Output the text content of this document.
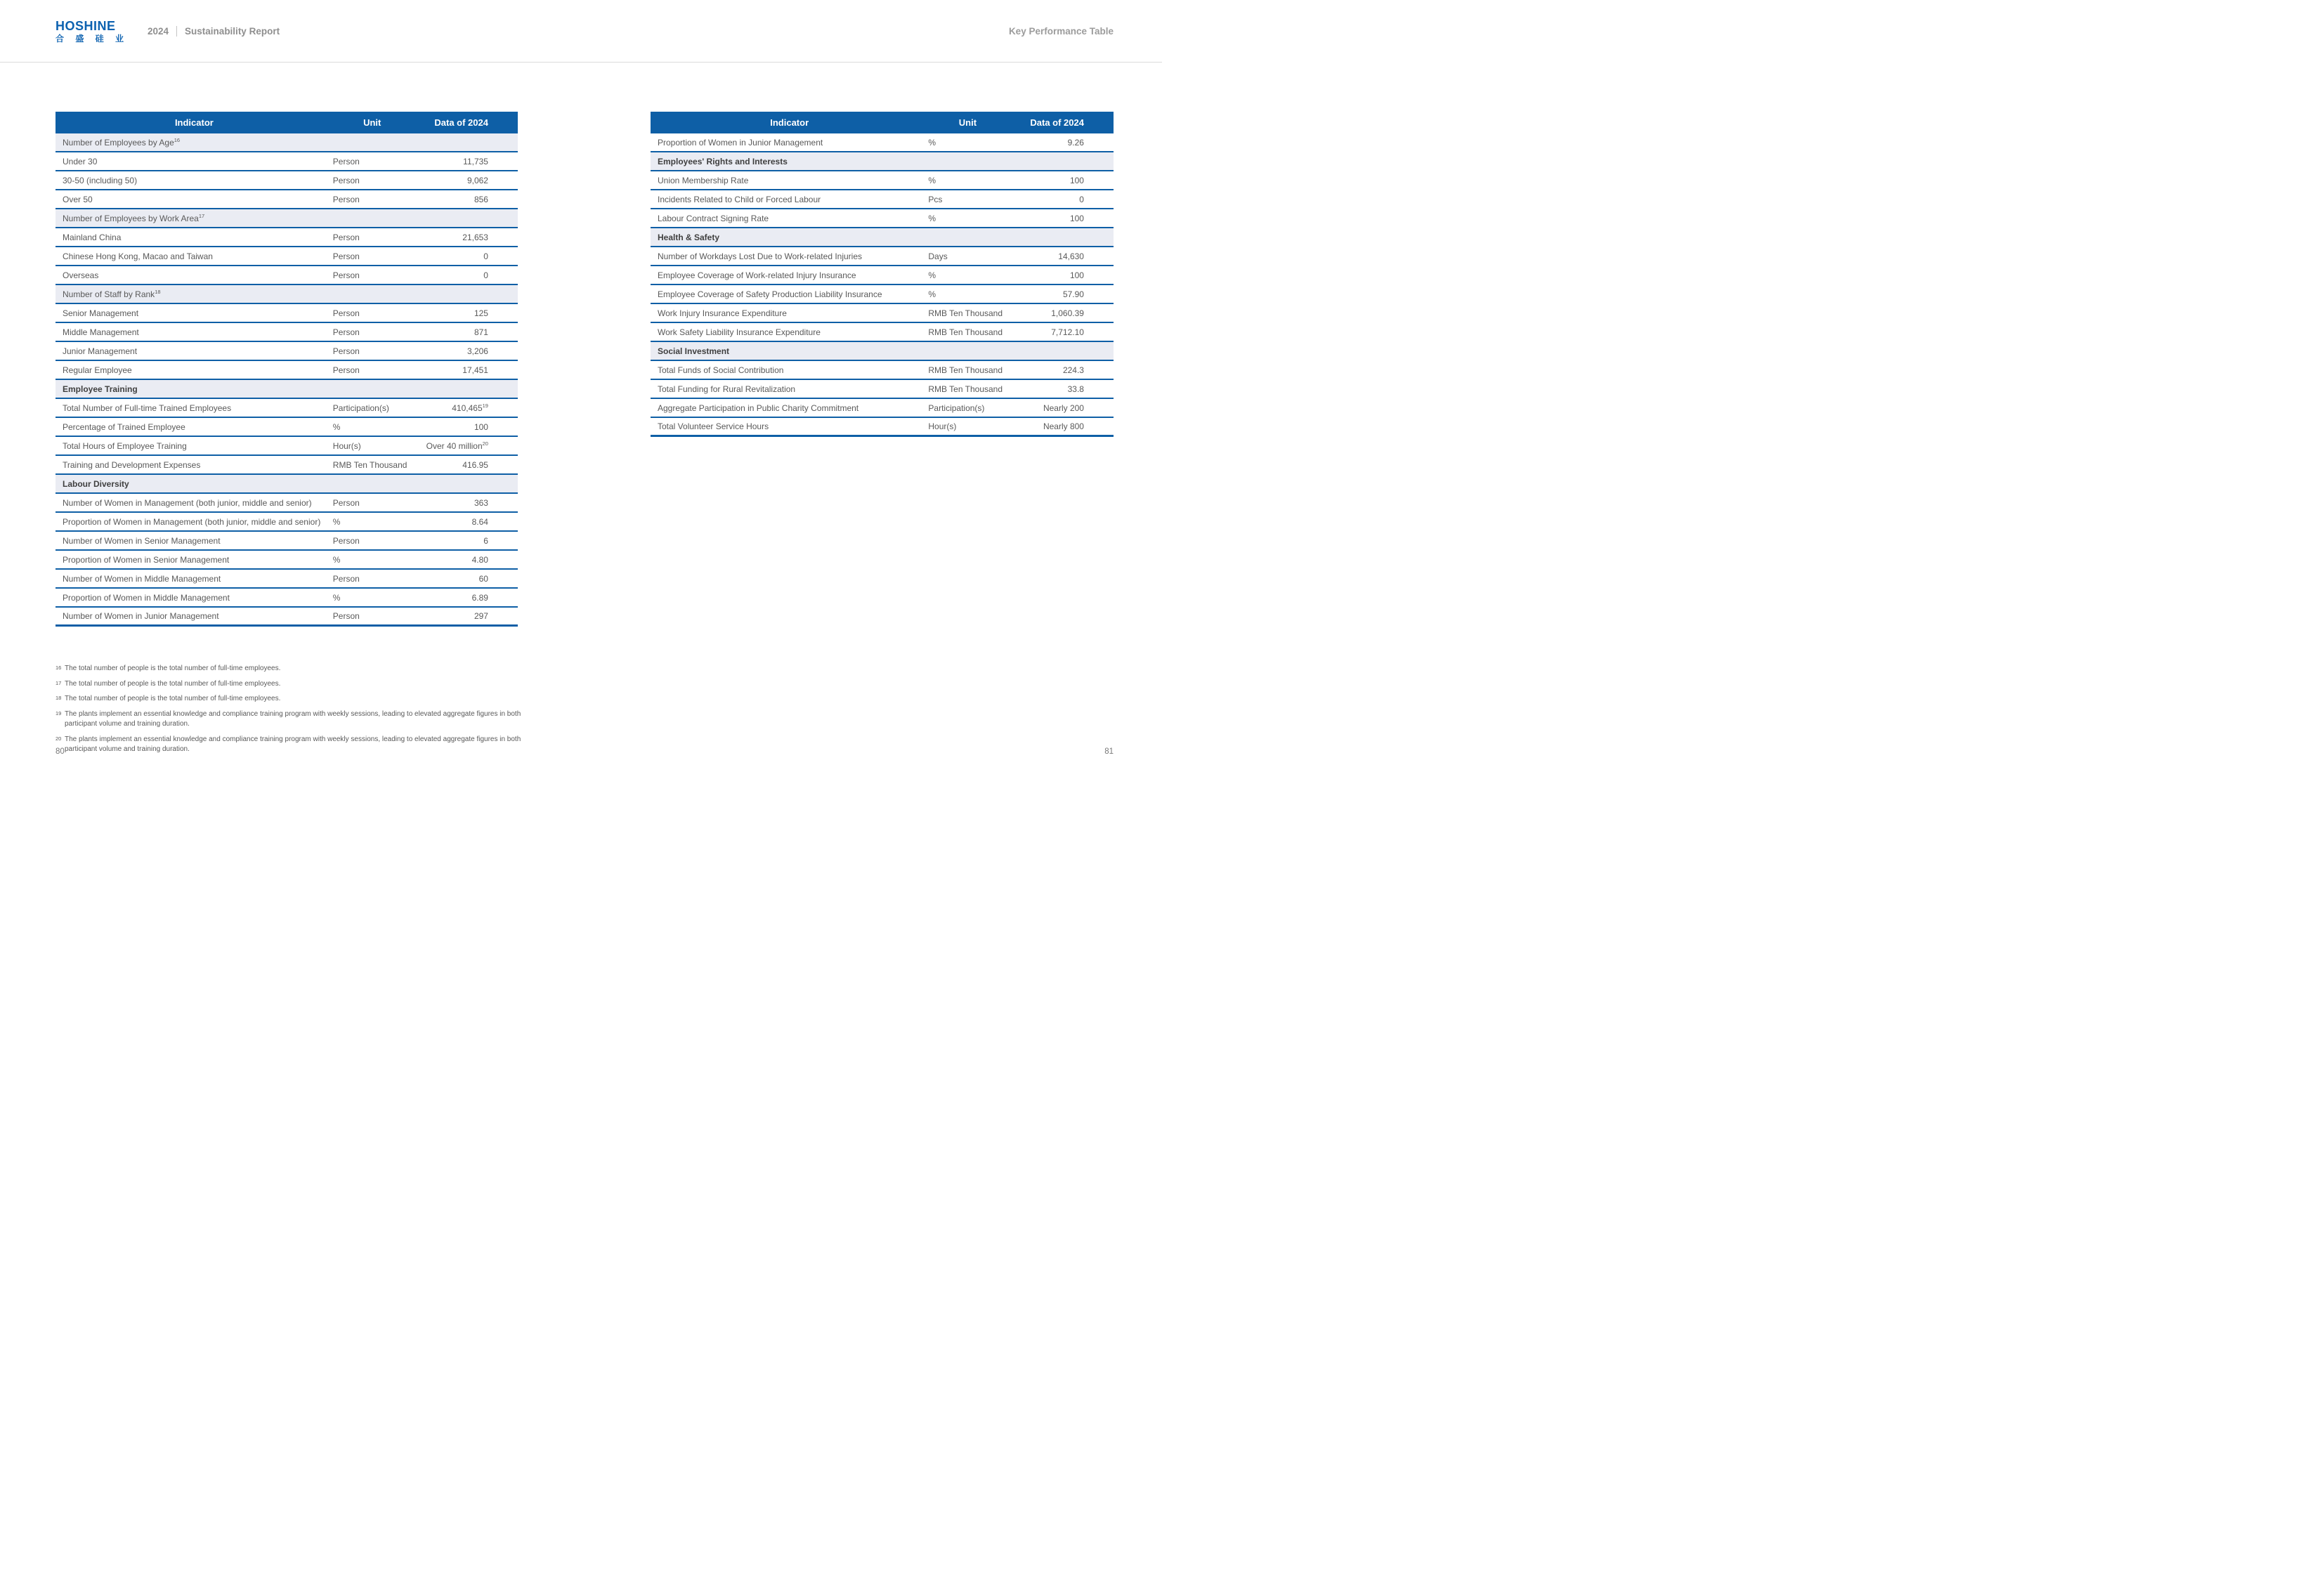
HOSHINE
合盛硅业
2024 Sustainability Report	Key Performance Table
Indicator	Unit	Data of 2024
Number of Employees by Age$^{16}$
Under 30	Person	11,735
30-50 (including 50)	Person	9,062
Over 50	Person	856
Number of Employees by Work Area$^{17}$
Mainland China	Person	21,653
Chinese Hong Kong, Macao and Taiwan	Person	0
Overseas	Person	0
Number of Staff by Rank$^{18}$
Senior Management	Person	125
Middle Management	Person	871
Junior Management	Person	3,206
Regular Employee	Person	17,451
Employee Training
Total Number of Full-time Trained Employees	Participation(s)	410,465$^{19}$
Percentage of Trained Employee	%	100
Total Hours of Employee Training	Hour(s)	Over 40 million$^{20}$
Training and Development Expenses	RMB Ten Thousand	416.95
Labour Diversity
Number of Women in Management (both junior, middle and senior)	Person	363
Proportion of Women in Management (both junior, middle and senior)	%	8.64
Number of Women in Senior Management	Person	6
Proportion of Women in Senior Management	%	4.80
Number of Women in Middle Management	Person	60
Proportion of Women in Middle Management	%	6.89
Number of Women in Junior Management	Person	297
Indicator	Unit	Data of 2024
Proportion of Women in Junior Management	%	9.26
Employees' Rights and Interests
Union Membership Rate	%	100
Incidents Related to Child or Forced Labour	Pcs	0
Labour Contract Signing Rate	%	100
Health & Safety
Number of Workdays Lost Due to Work-related Injuries	Days	14,630
Employee Coverage of Work-related Injury Insurance	%	100
Employee Coverage of Safety Production Liability Insurance	%	57.90
Work Injury Insurance Expenditure	RMB Ten Thousand	1,060.39
Work Safety Liability Insurance Expenditure	RMB Ten Thousand	7,712.10
Social Investment
Total Funds of Social Contribution	RMB Ten Thousand	224.3
Total Funding for Rural Revitalization	RMB Ten Thousand	33.8
Aggregate Participation in Public Charity Commitment	Participation(s)	Nearly 200
Total Volunteer Service Hours	Hour(s)	Nearly 800
16 The total number of people is the total number of full-time employees.
17 The total number of people is the total number of full-time employees.
18 The total number of people is the total number of full-time employees.
19 The plants implement an essential knowledge and compliance training program with weekly sessions, leading to elevated aggregate figures in both participant volume and training duration.
20 The plants implement an essential knowledge and compliance training program with weekly sessions, leading to elevated aggregate figures in both participant volume and training duration.
80	81
